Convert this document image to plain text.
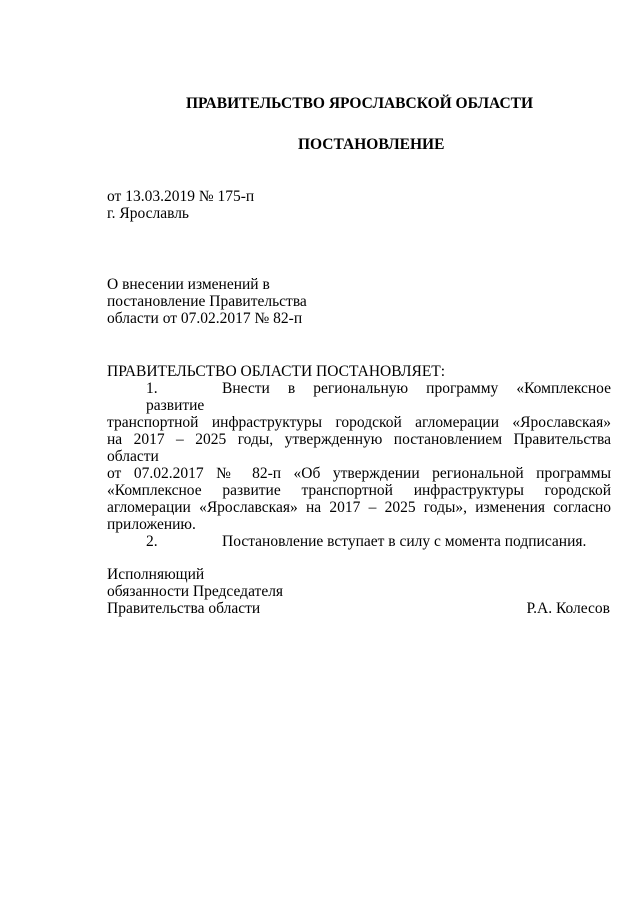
ПРАВИТЕЛЬСТВО ЯРОСЛАВСКОЙ ОБЛАСТИ
ПОСТАНОВЛЕНИЕ
от 13.03.2019 № 175-п
г. Ярославль
О внесении изменений в
постановление Правительства
области от 07.02.2017 № 82-п
ПРАВИТЕЛЬСТВО ОБЛАСТИ ПОСТАНОВЛЯЕТ:
1.	Внести в региональную программу «Комплексное развитие
транспортной инфраструктуры городской агломерации «Ярославская»
на 2017 – 2025 годы, утвержденную постановлением Правительства области
от 07.02.2017 № 82-п «Об утверждении региональной программы
«Комплексное развитие транспортной инфраструктуры городской
агломерации «Ярославская» на 2017 – 2025 годы», изменения согласно
приложению.
2.	Постановление вступает в силу с момента подписания.
Исполняющий
обязанности Председателя
Правительства области	Р.А. Колесов
